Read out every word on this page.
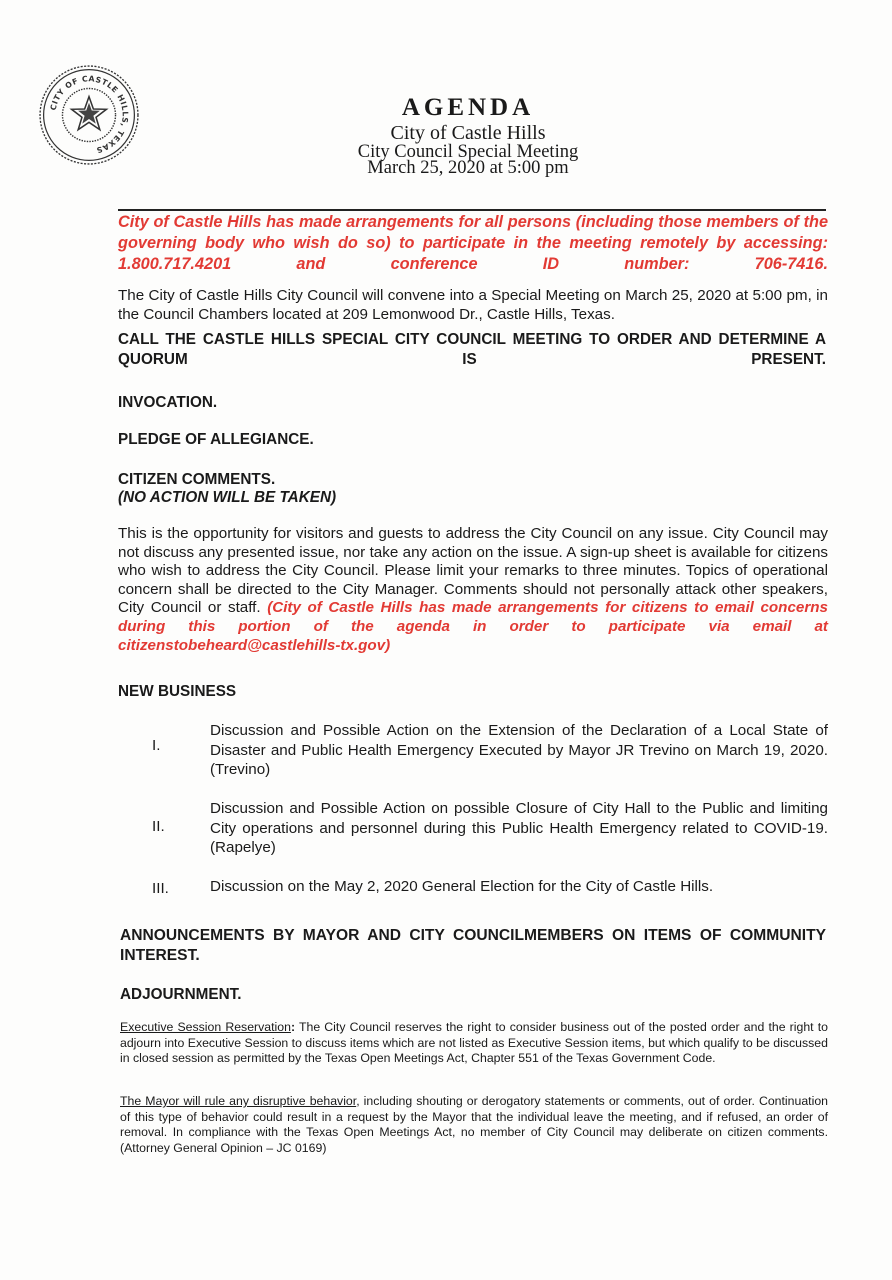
CITY OF CASTLE HILLS, TEXAS
AGENDA
City of Castle Hills
City Council Special Meeting
March 25, 2020 at 5:00 pm
City of Castle Hills has made arrangements for all persons (including those members of the governing body who wish do so) to participate in the meeting remotely by accessing: 1.800.717.4201 and conference ID number: 706-7416.
The City of Castle Hills City Council will convene into a Special Meeting on March 25, 2020 at 5:00 pm, in the Council Chambers located at 209 Lemonwood Dr., Castle Hills, Texas.
CALL THE CASTLE HILLS SPECIAL CITY COUNCIL MEETING TO ORDER AND DETERMINE A QUORUM IS PRESENT.
INVOCATION.
PLEDGE OF ALLEGIANCE.
CITIZEN COMMENTS.
(NO ACTION WILL BE TAKEN)
This is the opportunity for visitors and guests to address the City Council on any issue. City Council may not discuss any presented issue, nor take any action on the issue. A sign-up sheet is available for citizens who wish to address the City Council. Please limit your remarks to three minutes. Topics of operational concern shall be directed to the City Manager. Comments should not personally attack other speakers, City Council or staff. (City of Castle Hills has made arrangements for citizens to email concerns during this portion of the agenda in order to participate via email at citizenstobeheard@castlehills-tx.gov)
NEW BUSINESS
I.
Discussion and Possible Action on the Extension of the Declaration of a Local State of Disaster and Public Health Emergency Executed by Mayor JR Trevino on March 19, 2020. (Trevino)
II.
Discussion and Possible Action on possible Closure of City Hall to the Public and limiting City operations and personnel during this Public Health Emergency related to COVID-19. (Rapelye)
III.	Discussion on the May 2, 2020 General Election for the City of Castle Hills.
ANNOUNCEMENTS BY MAYOR AND CITY COUNCILMEMBERS ON ITEMS OF COMMUNITY INTEREST.
ADJOURNMENT.
Executive Session Reservation: The City Council reserves the right to consider business out of the posted order and the right to adjourn into Executive Session to discuss items which are not listed as Executive Session items, but which qualify to be discussed in closed session as permitted by the Texas Open Meetings Act, Chapter 551 of the Texas Government Code.
The Mayor will rule any disruptive behavior, including shouting or derogatory statements or comments, out of order. Continuation of this type of behavior could result in a request by the Mayor that the individual leave the meeting, and if refused, an order of removal. In compliance with the Texas Open Meetings Act, no member of City Council may deliberate on citizen comments. (Attorney General Opinion – JC 0169)
